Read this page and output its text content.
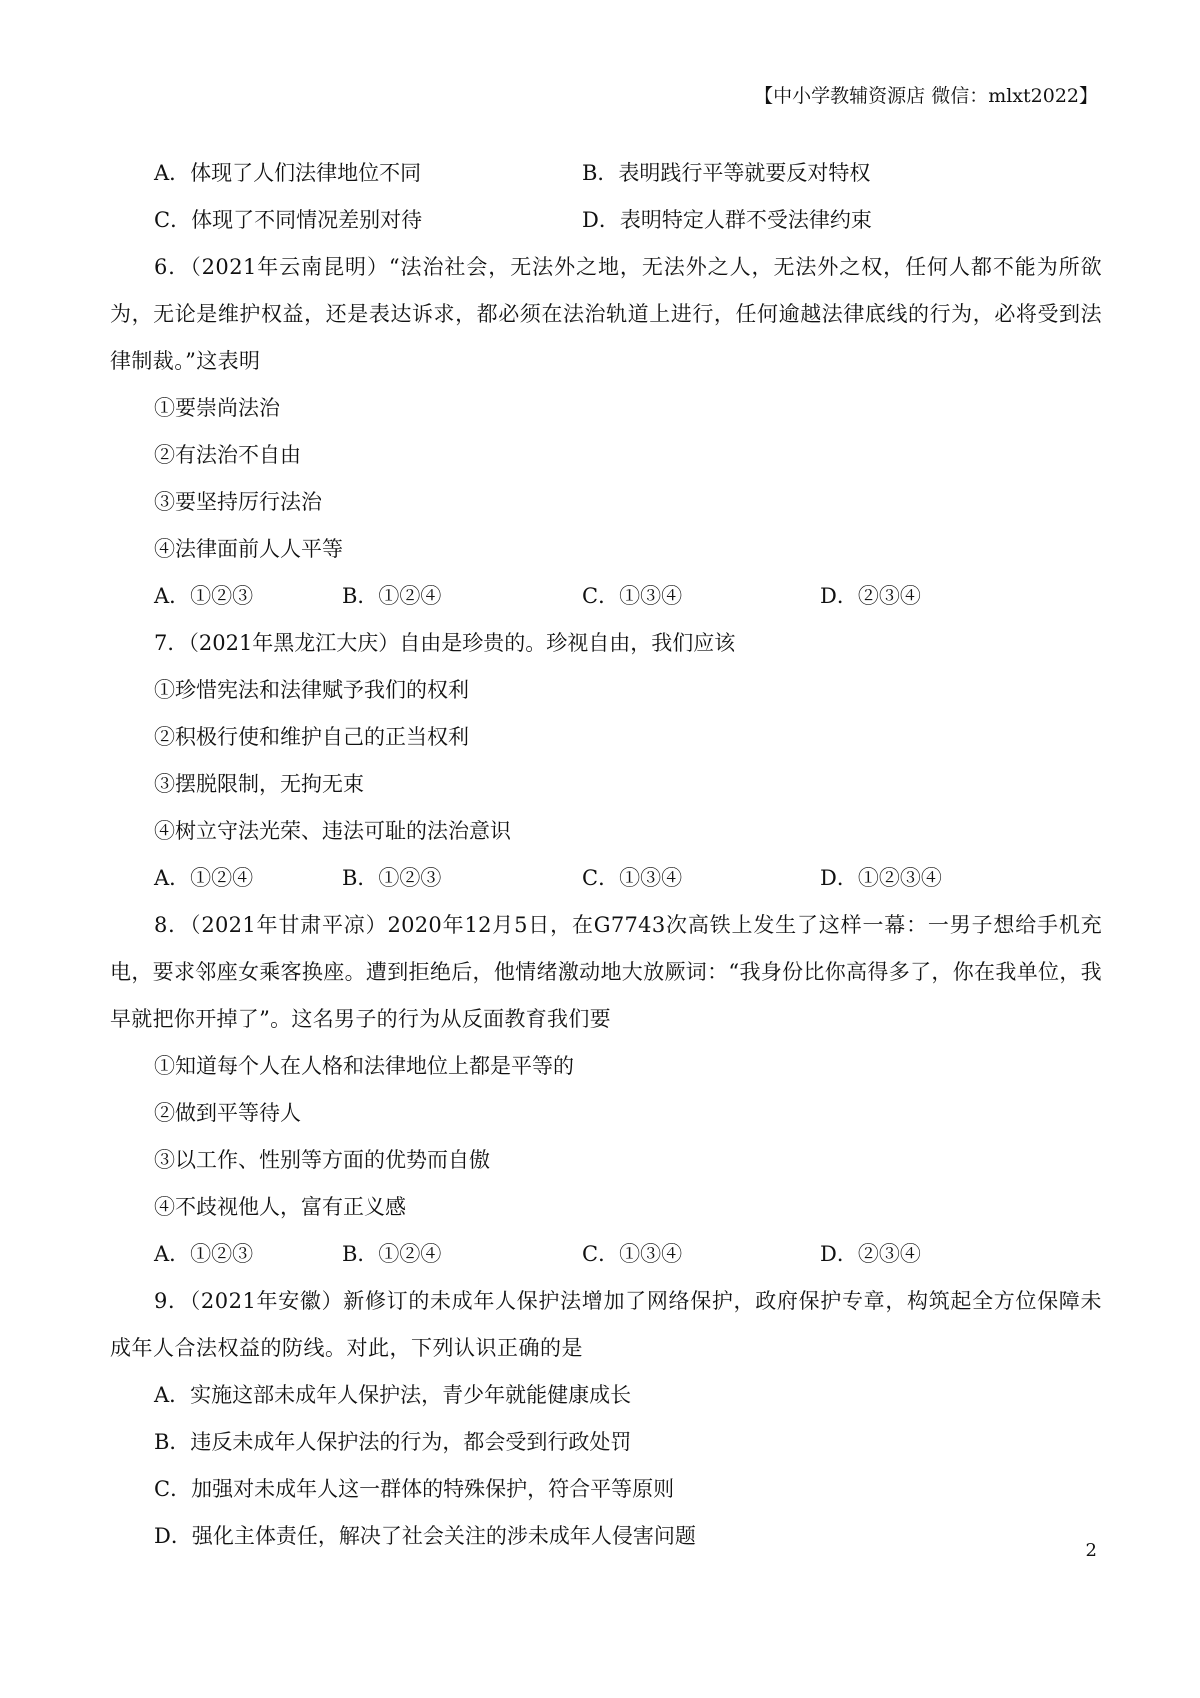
【中小学教辅资源店 微信：mlxt2022】
A．体现了人们法律地位不同	B．表明践行平等就要反对特权
C．体现了不同情况差别对待	D．表明特定人群不受法律约束
6．（2021年云南昆明）“法治社会，无法外之地，无法外之人，无法外之权，任何人都不能为所欲为，无论是维护权益，还是表达诉求，都必须在法治轨道上进行，任何逾越法律底线的行为，必将受到法律制裁。”这表明
①要崇尚法治
②有法治不自由
③要坚持厉行法治
④法律面前人人平等
A．①②③	B．①②④	C．①③④	D．②③④
7．（2021年黑龙江大庆）自由是珍贵的。珍视自由，我们应该
①珍惜宪法和法律赋予我们的权利
②积极行使和维护自己的正当权利
③摆脱限制，无拘无束
④树立守法光荣、违法可耻的法治意识
A．①②④	B．①②③	C．①③④	D．①②③④
8．（2021年甘肃平凉）2020年12月5日，在G7743次高铁上发生了这样一幕：一男子想给手机充电，要求邻座女乘客换座。遭到拒绝后，他情绪激动地大放厥词：“我身份比你高得多了，你在我单位，我早就把你开掉了”。这名男子的行为从反面教育我们要
①知道每个人在人格和法律地位上都是平等的
②做到平等待人
③以工作、性别等方面的优势而自傲
④不歧视他人，富有正义感
A．①②③	B．①②④	C．①③④	D．②③④
9．（2021年安徽）新修订的未成年人保护法增加了网络保护，政府保护专章，构筑起全方位保障未成年人合法权益的防线。对此，下列认识正确的是
A．实施这部未成年人保护法，青少年就能健康成长
B．违反未成年人保护法的行为，都会受到行政处罚
C．加强对未成年人这一群体的特殊保护，符合平等原则
D．强化主体责任，解决了社会关注的涉未成年人侵害问题
2
